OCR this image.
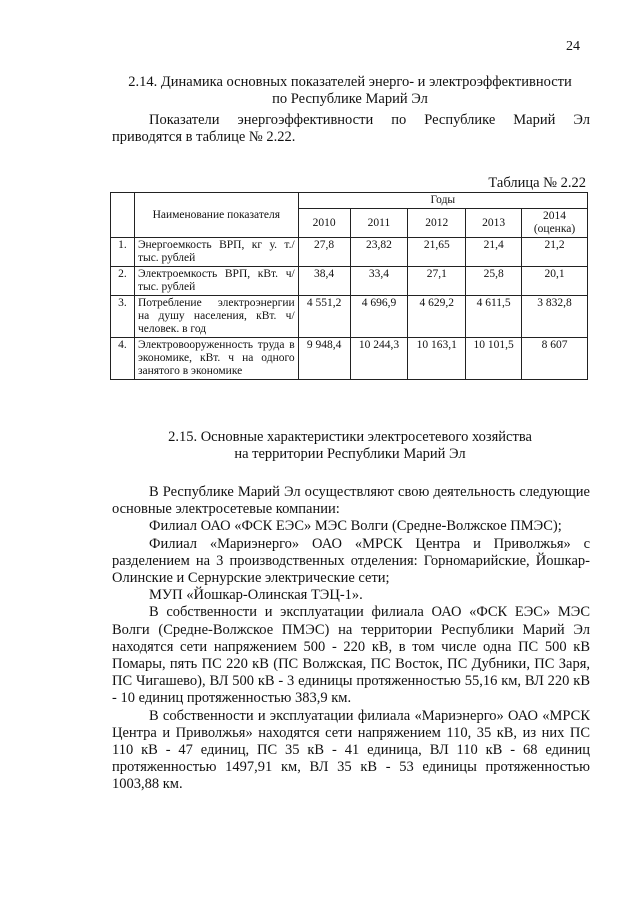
24
2.14. Динамика основных показателей энерго- и электроэффективности
по Республике Марий Эл

Показатели энергоэффективности по Республике Марий Эл приводятся в таблице № 2.22.

Таблица № 2.22
	Наименование показателя	Годы				
		2010	2011	2012	2013	2014 (оценка)
1.	Энергоемкость ВРП, кг у. т./тыс. рублей	27,8	23,82	21,65	21,4	21,2
2.	Электроемкость ВРП, кВт. ч/тыс. рублей	38,4	33,4	27,1	25,8	20,1
3.	Потребление электроэнергии на душу населения, кВт. ч/человек. в год	4 551,2	4 696,9	4 629,2	4 611,5	3 832,8
4.	Электровооруженность труда в экономике, кВт. ч на одного занятого в экономике	9 948,4	10 244,3	10 163,1	10 101,5	8 607
2.15. Основные характеристики электросетевого хозяйства
на территории Республики Марий Эл

В Республике Марий Эл осуществляют свою деятельность следующие основные электросетевые компании:

Филиал ОАО «ФСК ЕЭС» МЭС Волги (Средне-Волжское ПМЭС);

Филиал «Мариэнерго» ОАО «МРСК Центра и Приволжья» с разделением на 3 производственных отделения: Горномарийские, Йошкар-Олинские и Сернурские электрические сети;

МУП «Йошкар-Олинская ТЭЦ-1».

В собственности и эксплуатации филиала ОАО «ФСК ЕЭС» МЭС Волги (Средне-Волжское ПМЭС) на территории Республики Марий Эл находятся сети напряжением 500 - 220 кВ, в том числе одна ПС 500 кВ Помары, пять ПС 220 кВ (ПС Волжская, ПС Восток, ПС Дубники, ПС Заря, ПС Чигашево), ВЛ 500 кВ - 3 единицы протяженностью 55,16 км, ВЛ 220 кВ - 10 единиц протяженностью 383,9 км.

В собственности и эксплуатации филиала «Мариэнерго» ОАО «МРСК Центра и Приволжья» находятся сети напряжением 110, 35 кВ, из них ПС 110 кВ - 47 единиц, ПС 35 кВ - 41 единица, ВЛ 110 кВ - 68 единиц протяженностью 1497,91 км, ВЛ 35 кВ - 53 единицы протяженностью 1003,88 км.
